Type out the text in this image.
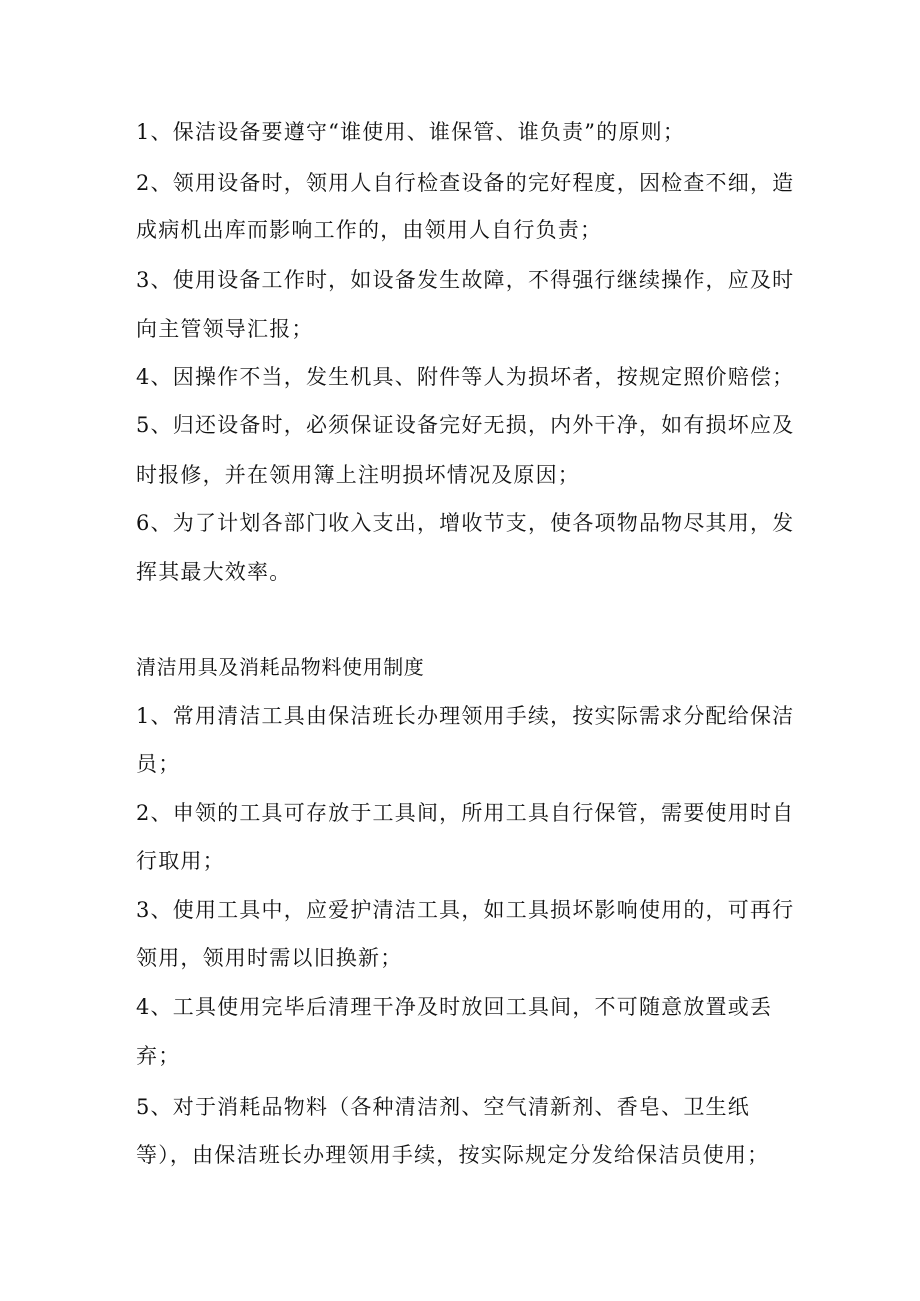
1、保洁设备要遵守“谁使用、谁保管、谁负责”的原则；
2、领用设备时，领用人自行检查设备的完好程度，因检查不细，造
成病机出库而影响工作的，由领用人自行负责；
3、使用设备工作时，如设备发生故障，不得强行继续操作，应及时
向主管领导汇报；
4、因操作不当，发生机具、附件等人为损坏者，按规定照价赔偿；
5、归还设备时，必须保证设备完好无损，内外干净，如有损坏应及
时报修，并在领用簿上注明损坏情况及原因；
6、为了计划各部门收入支出，增收节支，使各项物品物尽其用，发
挥其最大效率。
清洁用具及消耗品物料使用制度
1、常用清洁工具由保洁班长办理领用手续，按实际需求分配给保洁
员；
2、申领的工具可存放于工具间，所用工具自行保管，需要使用时自
行取用；
3、使用工具中，应爱护清洁工具，如工具损坏影响使用的，可再行
领用，领用时需以旧换新；
4、工具使用完毕后清理干净及时放回工具间，不可随意放置或丢
弃；
5、对于消耗品物料（各种清洁剂、空气清新剂、香皂、卫生纸
等），由保洁班长办理领用手续，按实际规定分发给保洁员使用；
